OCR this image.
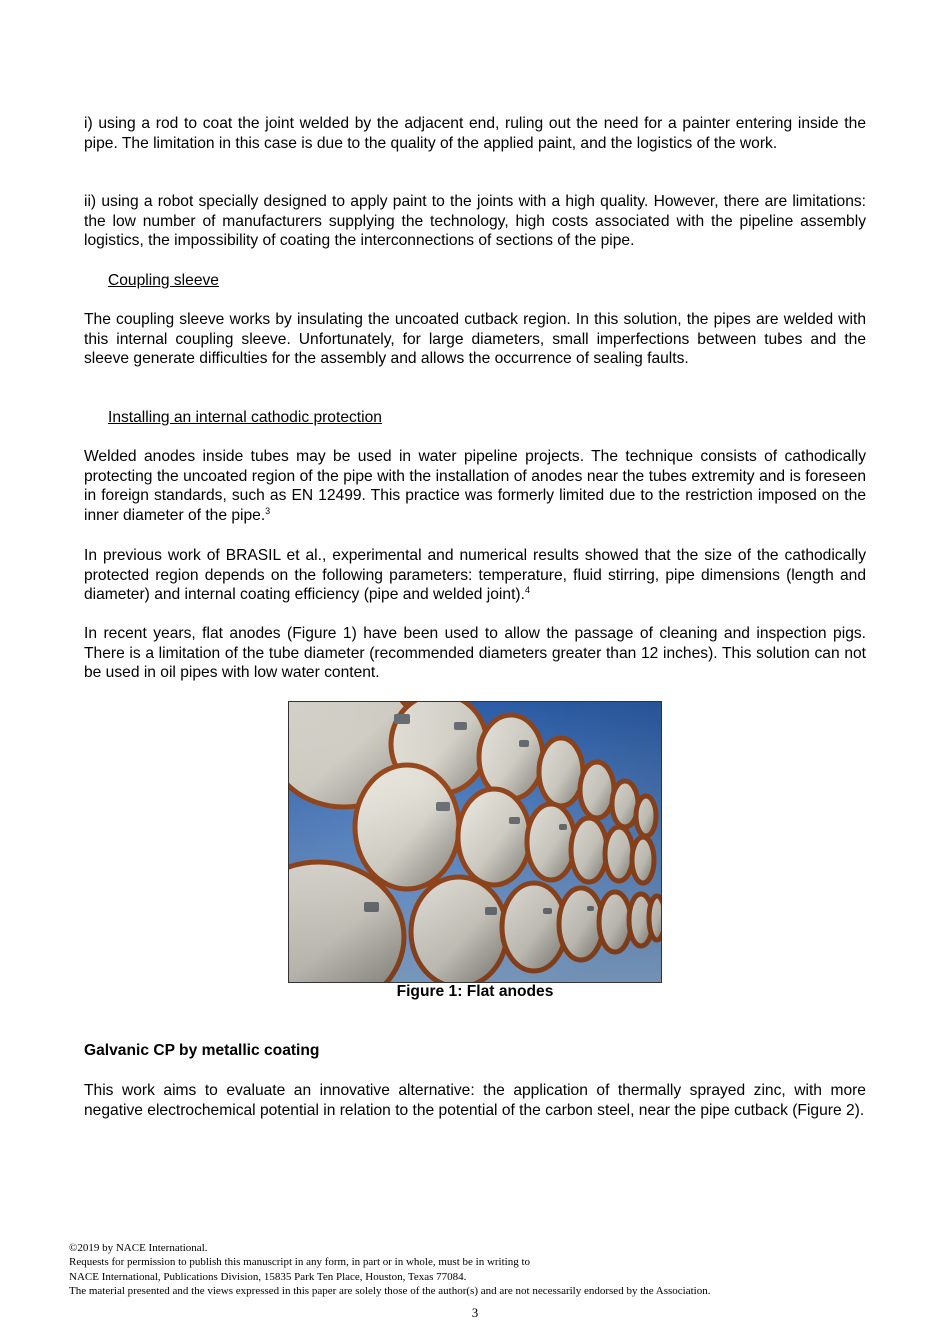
i) using a rod to coat the joint welded by the adjacent end, ruling out the need for a painter entering inside the pipe. The limitation in this case is due to the quality of the applied paint, and the logistics of the work.

ii) using a robot specially designed to apply paint to the joints with a high quality. However, there are limitations: the low number of manufacturers supplying the technology, high costs associated with the pipeline assembly logistics, the impossibility of coating the interconnections of sections of the pipe.

Coupling sleeve

The coupling sleeve works by insulating the uncoated cutback region. In this solution, the pipes are welded with this internal coupling sleeve. Unfortunately, for large diameters, small imperfections between tubes and the sleeve generate difficulties for the assembly and allows the occurrence of sealing faults.

Installing an internal cathodic protection

Welded anodes inside tubes may be used in water pipeline projects. The technique consists of cathodically protecting the uncoated region of the pipe with the installation of anodes near the tubes extremity and is foreseen in foreign standards, such as EN 12499. This practice was formerly limited due to the restriction imposed on the inner diameter of the pipe.$^3$

In previous work of BRASIL et al., experimental and numerical results showed that the size of the cathodically protected region depends on the following parameters: temperature, fluid stirring, pipe dimensions (length and diameter) and internal coating efficiency (pipe and welded joint).$^4$

In recent years, flat anodes (Figure 1) have been used to allow the passage of cleaning and inspection pigs. There is a limitation of the tube diameter (recommended diameters greater than 12 inches). This solution can not be used in oil pipes with low water content.

Figure 1: Flat anodes

Galvanic CP by metallic coating

This work aims to evaluate an innovative alternative: the application of thermally sprayed zinc, with more negative electrochemical potential in relation to the potential of the carbon steel, near the pipe cutback (Figure 2).

©2019 by NACE International.
Requests for permission to publish this manuscript in any form, in part or in whole, must be in writing to
NACE International, Publications Division, 15835 Park Ten Place, Houston, Texas 77084.
The material presented and the views expressed in this paper are solely those of the author(s) and are not necessarily endorsed by the Association.
3
